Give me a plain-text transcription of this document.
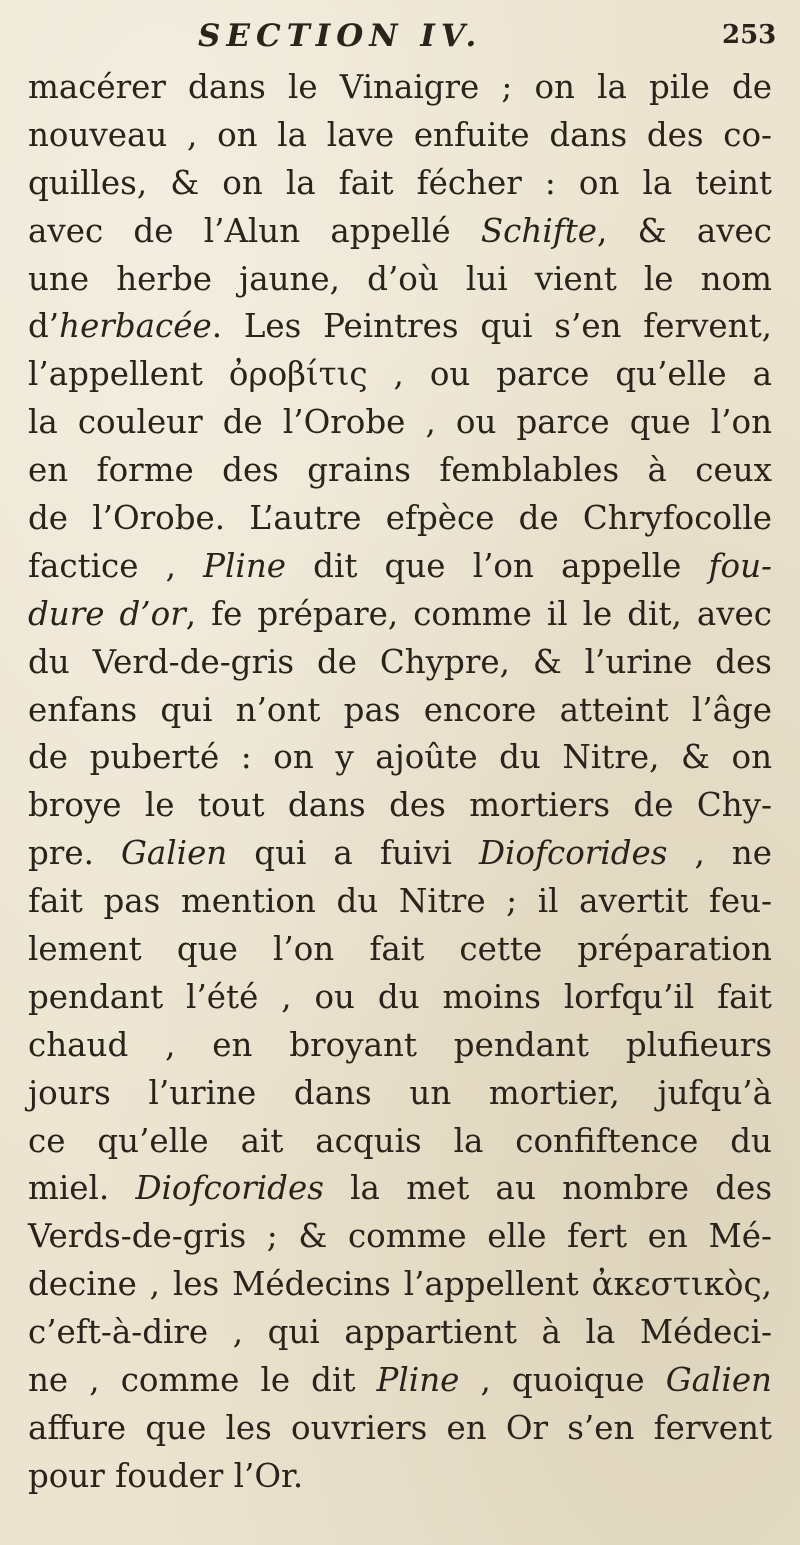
SECTION IV.	253
macérer dans le Vinaigre ; on la pile de
nouveau , on la lave enfuite dans des co-
quilles, & on la fait fécher : on la teint
avec de l’Alun appellé Schifte, & avec
une herbe jaune, d’où lui vient le nom
d’herbacée. Les Peintres qui s’en fervent,
l’appellent ὀροβίτις , ou parce qu’elle a
la couleur de l’Orobe , ou parce que l’on
en forme des grains femblables à ceux
de l’Orobe. L’autre efpèce de Chryfocolle
factice , Pline dit que l’on appelle fou-
dure d’or, fe prépare, comme il le dit, avec
du Verd-de-gris de Chypre, & l’urine des
enfans qui n’ont pas encore atteint l’âge
de puberté : on y ajoûte du Nitre, & on
broye le tout dans des mortiers de Chy-
pre. Galien qui a fuivi Diofcorides , ne
fait pas mention du Nitre ; il avertit feu-
lement que l’on fait cette préparation
pendant l’été , ou du moins lorfqu’il fait
chaud , en broyant pendant plufieurs
jours l’urine dans un mortier, jufqu’à
ce qu’elle ait acquis la confiftence du
miel. Diofcorides la met au nombre des
Verds-de-gris ; & comme elle fert en Mé-
decine , les Médecins l’appellent ἀκεστικὸς,
c’eft-à-dire , qui appartient à la Médeci-
ne , comme le dit Pline , quoique Galien
affure que les ouvriers en Or s’en fervent
pour fouder l’Or.
